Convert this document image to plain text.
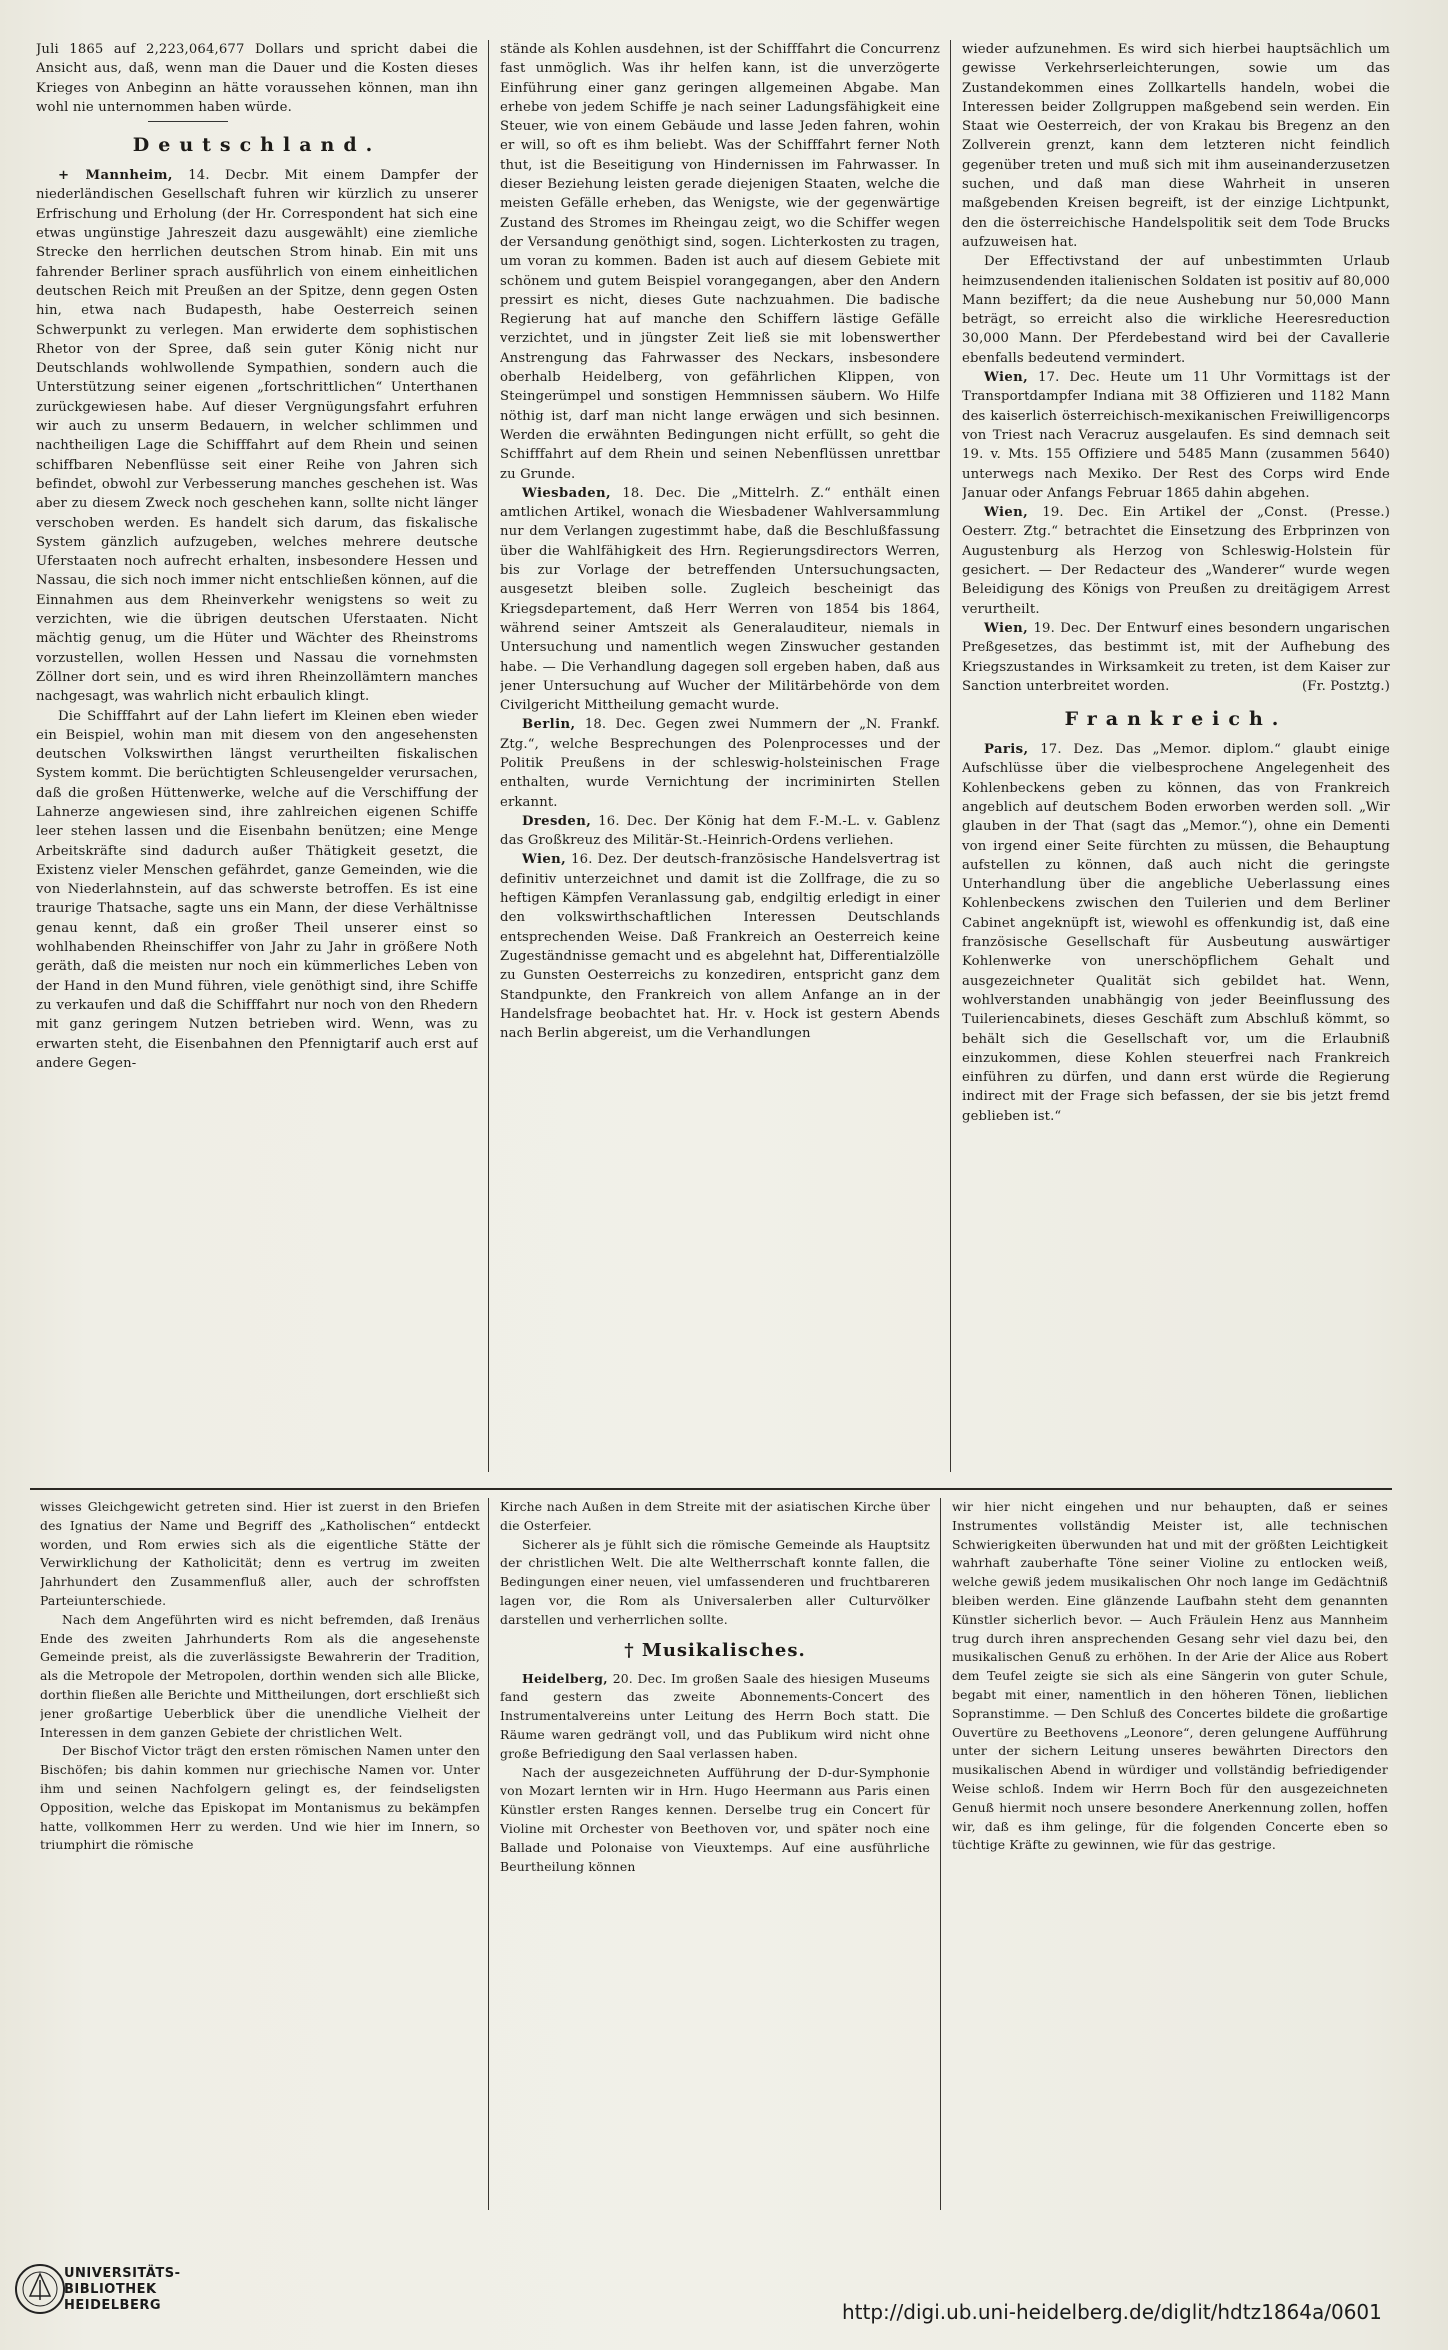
Juli 1865 auf 2,223,064,677 Dollars und spricht dabei die Ansicht aus, daß, wenn man die Dauer und die Kosten dieses Krieges von Anbeginn an hätte voraussehen können, man ihn wohl nie unternommen haben würde.

Deutschland.

+ Mannheim, 14. Decbr. Mit einem Dampfer der niederländischen Gesellschaft fuhren wir kürzlich zu unserer Erfrischung und Erholung (der Hr. Correspondent hat sich eine etwas ungünstige Jahreszeit dazu ausgewählt) eine ziemliche Strecke den herrlichen deutschen Strom hinab. Ein mit uns fahrender Berliner sprach ausführlich von einem einheitlichen deutschen Reich mit Preußen an der Spitze, denn gegen Osten hin, etwa nach Budapesth, habe Oesterreich seinen Schwerpunkt zu verlegen. Man erwiderte dem sophistischen Rhetor von der Spree, daß sein guter König nicht nur Deutschlands wohlwollende Sympathien, sondern auch die Unterstützung seiner eigenen „fortschrittlichen“ Unterthanen zurückgewiesen habe. Auf dieser Vergnügungsfahrt erfuhren wir auch zu unserm Bedauern, in welcher schlimmen und nachtheiligen Lage die Schifffahrt auf dem Rhein und seinen schiffbaren Nebenflüsse seit einer Reihe von Jahren sich befindet, obwohl zur Verbesserung manches geschehen ist. Was aber zu diesem Zweck noch geschehen kann, sollte nicht länger verschoben werden. Es handelt sich darum, das fiskalische System gänzlich aufzugeben, welches mehrere deutsche Uferstaaten noch aufrecht erhalten, insbesondere Hessen und Nassau, die sich noch immer nicht entschließen können, auf die Einnahmen aus dem Rheinverkehr wenigstens so weit zu verzichten, wie die übrigen deutschen Uferstaaten. Nicht mächtig genug, um die Hüter und Wächter des Rheinstroms vorzustellen, wollen Hessen und Nassau die vornehmsten Zöllner dort sein, und es wird ihren Rheinzollämtern manches nachgesagt, was wahrlich nicht erbaulich klingt.

Die Schifffahrt auf der Lahn liefert im Kleinen eben wieder ein Beispiel, wohin man mit diesem von den angesehensten deutschen Volkswirthen längst verurtheilten fiskalischen System kommt. Die berüchtigten Schleusengelder verursachen, daß die großen Hüttenwerke, welche auf die Verschiffung der Lahnerze angewiesen sind, ihre zahlreichen eigenen Schiffe leer stehen lassen und die Eisenbahn benützen; eine Menge Arbeitskräfte sind dadurch außer Thätigkeit gesetzt, die Existenz vieler Menschen gefährdet, ganze Gemeinden, wie die von Niederlahnstein, auf das schwerste betroffen. Es ist eine traurige Thatsache, sagte uns ein Mann, der diese Verhältnisse genau kennt, daß ein großer Theil unserer einst so wohlhabenden Rheinschiffer von Jahr zu Jahr in größere Noth geräth, daß die meisten nur noch ein kümmerliches Leben von der Hand in den Mund führen, viele genöthigt sind, ihre Schiffe zu verkaufen und daß die Schifffahrt nur noch von den Rhedern mit ganz geringem Nutzen betrieben wird. Wenn, was zu erwarten steht, die Eisenbahnen den Pfennigtarif auch erst auf andere Gegen-

stände als Kohlen ausdehnen, ist der Schifffahrt die Concurrenz fast unmöglich. Was ihr helfen kann, ist die unverzögerte Einführung einer ganz geringen allgemeinen Abgabe. Man erhebe von jedem Schiffe je nach seiner Ladungsfähigkeit eine Steuer, wie von einem Gebäude und lasse Jeden fahren, wohin er will, so oft es ihm beliebt. Was der Schifffahrt ferner Noth thut, ist die Beseitigung von Hindernissen im Fahrwasser. In dieser Beziehung leisten gerade diejenigen Staaten, welche die meisten Gefälle erheben, das Wenigste, wie der gegenwärtige Zustand des Stromes im Rheingau zeigt, wo die Schiffer wegen der Versandung genöthigt sind, sogen. Lichterkosten zu tragen, um voran zu kommen. Baden ist auch auf diesem Gebiete mit schönem und gutem Beispiel vorangegangen, aber den Andern pressirt es nicht, dieses Gute nachzuahmen. Die badische Regierung hat auf manche den Schiffern lästige Gefälle verzichtet, und in jüngster Zeit ließ sie mit lobenswerther Anstrengung das Fahrwasser des Neckars, insbesondere oberhalb Heidelberg, von gefährlichen Klippen, von Steingerümpel und sonstigen Hemmnissen säubern. Wo Hilfe nöthig ist, darf man nicht lange erwägen und sich besinnen. Werden die erwähnten Bedingungen nicht erfüllt, so geht die Schifffahrt auf dem Rhein und seinen Nebenflüssen unrettbar zu Grunde.

Wiesbaden, 18. Dec. Die „Mittelrh. Z.“ enthält einen amtlichen Artikel, wonach die Wiesbadener Wahlversammlung nur dem Verlangen zugestimmt habe, daß die Beschlußfassung über die Wahlfähigkeit des Hrn. Regierungsdirectors Werren, bis zur Vorlage der betreffenden Untersuchungsacten, ausgesetzt bleiben solle. Zugleich bescheinigt das Kriegsdepartement, daß Herr Werren von 1854 bis 1864, während seiner Amtszeit als Generalauditeur, niemals in Untersuchung und namentlich wegen Zinswucher gestanden habe. — Die Verhandlung dagegen soll ergeben haben, daß aus jener Untersuchung auf Wucher der Militärbehörde von dem Civilgericht Mittheilung gemacht wurde.

Berlin, 18. Dec. Gegen zwei Nummern der „N. Frankf. Ztg.“, welche Besprechungen des Polenprocesses und der Politik Preußens in der schleswig-holsteinischen Frage enthalten, wurde Vernichtung der incriminirten Stellen erkannt.

Dresden, 16. Dec. Der König hat dem F.-M.-L. v. Gablenz das Großkreuz des Militär-St.-Heinrich-Ordens verliehen.

Wien, 16. Dez. Der deutsch-französische Handelsvertrag ist definitiv unterzeichnet und damit ist die Zollfrage, die zu so heftigen Kämpfen Veranlassung gab, endgiltig erledigt in einer den volkswirthschaftlichen Interessen Deutschlands entsprechenden Weise. Daß Frankreich an Oesterreich keine Zugeständnisse gemacht und es abgelehnt hat, Differentialzölle zu Gunsten Oesterreichs zu konzediren, entspricht ganz dem Standpunkte, den Frankreich von allem Anfange an in der Handelsfrage beobachtet hat. Hr. v. Hock ist gestern Abends nach Berlin abgereist, um die Verhandlungen

wieder aufzunehmen. Es wird sich hierbei hauptsächlich um gewisse Verkehrserleichterungen, sowie um das Zustandekommen eines Zollkartells handeln, wobei die Interessen beider Zollgruppen maßgebend sein werden. Ein Staat wie Oesterreich, der von Krakau bis Bregenz an den Zollverein grenzt, kann dem letzteren nicht feindlich gegenüber treten und muß sich mit ihm auseinanderzusetzen suchen, und daß man diese Wahrheit in unseren maßgebenden Kreisen begreift, ist der einzige Lichtpunkt, den die österreichische Handelspolitik seit dem Tode Brucks aufzuweisen hat.

Der Effectivstand der auf unbestimmten Urlaub heimzusendenden italienischen Soldaten ist positiv auf 80,000 Mann beziffert; da die neue Aushebung nur 50,000 Mann beträgt, so erreicht also die wirkliche Heeresreduction 30,000 Mann. Der Pferdebestand wird bei der Cavallerie ebenfalls bedeutend vermindert.

Wien, 17. Dec. Heute um 11 Uhr Vormittags ist der Transportdampfer Indiana mit 38 Offizieren und 1182 Mann des kaiserlich österreichisch-mexikanischen Freiwilligencorps von Triest nach Veracruz ausgelaufen. Es sind demnach seit 19. v. Mts. 155 Offiziere und 5485 Mann (zusammen 5640) unterwegs nach Mexiko. Der Rest des Corps wird Ende Januar oder Anfangs Februar 1865 dahin abgehen.
(Presse.)

Wien, 19. Dec. Ein Artikel der „Const. Oesterr. Ztg.“ betrachtet die Einsetzung des Erbprinzen von Augustenburg als Herzog von Schleswig-Holstein für gesichert. — Der Redacteur des „Wanderer“ wurde wegen Beleidigung des Königs von Preußen zu dreitägigem Arrest verurtheilt.

Wien, 19. Dec. Der Entwurf eines besondern ungarischen Preßgesetzes, das bestimmt ist, mit der Aufhebung des Kriegszustandes in Wirksamkeit zu treten, ist dem Kaiser zur Sanction unterbreitet worden.	(Fr. Postztg.)

Frankreich.

Paris, 17. Dez. Das „Memor. diplom.“ glaubt einige Aufschlüsse über die vielbesprochene Angelegenheit des Kohlenbeckens geben zu können, das von Frankreich angeblich auf deutschem Boden erworben werden soll. „Wir glauben in der That (sagt das „Memor.“), ohne ein Dementi von irgend einer Seite fürchten zu müssen, die Behauptung aufstellen zu können, daß auch nicht die geringste Unterhandlung über die angebliche Ueberlassung eines Kohlenbeckens zwischen den Tuilerien und dem Berliner Cabinet angeknüpft ist, wiewohl es offenkundig ist, daß eine französische Gesellschaft für Ausbeutung auswärtiger Kohlenwerke von unerschöpflichem Gehalt und ausgezeichneter Qualität sich gebildet hat. Wenn, wohlverstanden unabhängig von jeder Beeinflussung des Tuileriencabinets, dieses Geschäft zum Abschluß kömmt, so behält sich die Gesellschaft vor, um die Erlaubniß einzukommen, diese Kohlen steuerfrei nach Frankreich einführen zu dürfen, und dann erst würde die Regierung indirect mit der Frage sich befassen, der sie bis jetzt fremd geblieben ist.“

wisses Gleichgewicht getreten sind. Hier ist zuerst in den Briefen des Ignatius der Name und Begriff des „Katholischen“ entdeckt worden, und Rom erwies sich als die eigentliche Stätte der Verwirklichung der Katholicität; denn es vertrug im zweiten Jahrhundert den Zusammenfluß aller, auch der schroffsten Parteiunterschiede.

Nach dem Angeführten wird es nicht befremden, daß Irenäus Ende des zweiten Jahrhunderts Rom als die angesehenste Gemeinde preist, als die zuverlässigste Bewahrerin der Tradition, als die Metropole der Metropolen, dorthin wenden sich alle Blicke, dorthin fließen alle Berichte und Mittheilungen, dort erschließt sich jener großartige Ueberblick über die unendliche Vielheit der Interessen in dem ganzen Gebiete der christlichen Welt.

Der Bischof Victor trägt den ersten römischen Namen unter den Bischöfen; bis dahin kommen nur griechische Namen vor. Unter ihm und seinen Nachfolgern gelingt es, der feindseligsten Opposition, welche das Episkopat im Montanismus zu bekämpfen hatte, vollkommen Herr zu werden. Und wie hier im Innern, so triumphirt die römische

Kirche nach Außen in dem Streite mit der asiatischen Kirche über die Osterfeier.

Sicherer als je fühlt sich die römische Gemeinde als Hauptsitz der christlichen Welt. Die alte Weltherrschaft konnte fallen, die Bedingungen einer neuen, viel umfassenderen und fruchtbareren lagen vor, die Rom als Universalerben aller Culturvölker darstellen und verherrlichen sollte.

† Musikalisches.

Heidelberg, 20. Dec. Im großen Saale des hiesigen Museums fand gestern das zweite Abonnements-Concert des Instrumentalvereins unter Leitung des Herrn Boch statt. Die Räume waren gedrängt voll, und das Publikum wird nicht ohne große Befriedigung den Saal verlassen haben.

Nach der ausgezeichneten Aufführung der D-dur-Symphonie von Mozart lernten wir in Hrn. Hugo Heermann aus Paris einen Künstler ersten Ranges kennen. Derselbe trug ein Concert für Violine mit Orchester von Beethoven vor, und später noch eine Ballade und Polonaise von Vieuxtemps. Auf eine ausführliche Beurtheilung können

wir hier nicht eingehen und nur behaupten, daß er seines Instrumentes vollständig Meister ist, alle technischen Schwierigkeiten überwunden hat und mit der größten Leichtigkeit wahrhaft zauberhafte Töne seiner Violine zu entlocken weiß, welche gewiß jedem musikalischen Ohr noch lange im Gedächtniß bleiben werden. Eine glänzende Laufbahn steht dem genannten Künstler sicherlich bevor. — Auch Fräulein Henz aus Mannheim trug durch ihren ansprechenden Gesang sehr viel dazu bei, den musikalischen Genuß zu erhöhen. In der Arie der Alice aus Robert dem Teufel zeigte sie sich als eine Sängerin von guter Schule, begabt mit einer, namentlich in den höheren Tönen, lieblichen Sopranstimme. — Den Schluß des Concertes bildete die großartige Ouvertüre zu Beethovens „Leonore“, deren gelungene Aufführung unter der sichern Leitung unseres bewährten Directors den musikalischen Abend in würdiger und vollständig befriedigender Weise schloß. Indem wir Herrn Boch für den ausgezeichneten Genuß hiermit noch unsere besondere Anerkennung zollen, hoffen wir, daß es ihm gelinge, für die folgenden Concerte eben so tüchtige Kräfte zu gewinnen, wie für das gestrige.

UNIVERSITÄTS-
BIBLIOTHEK
HEIDELBERG	http://digi.ub.uni-heidelberg.de/diglit/hdtz1864a/0601
